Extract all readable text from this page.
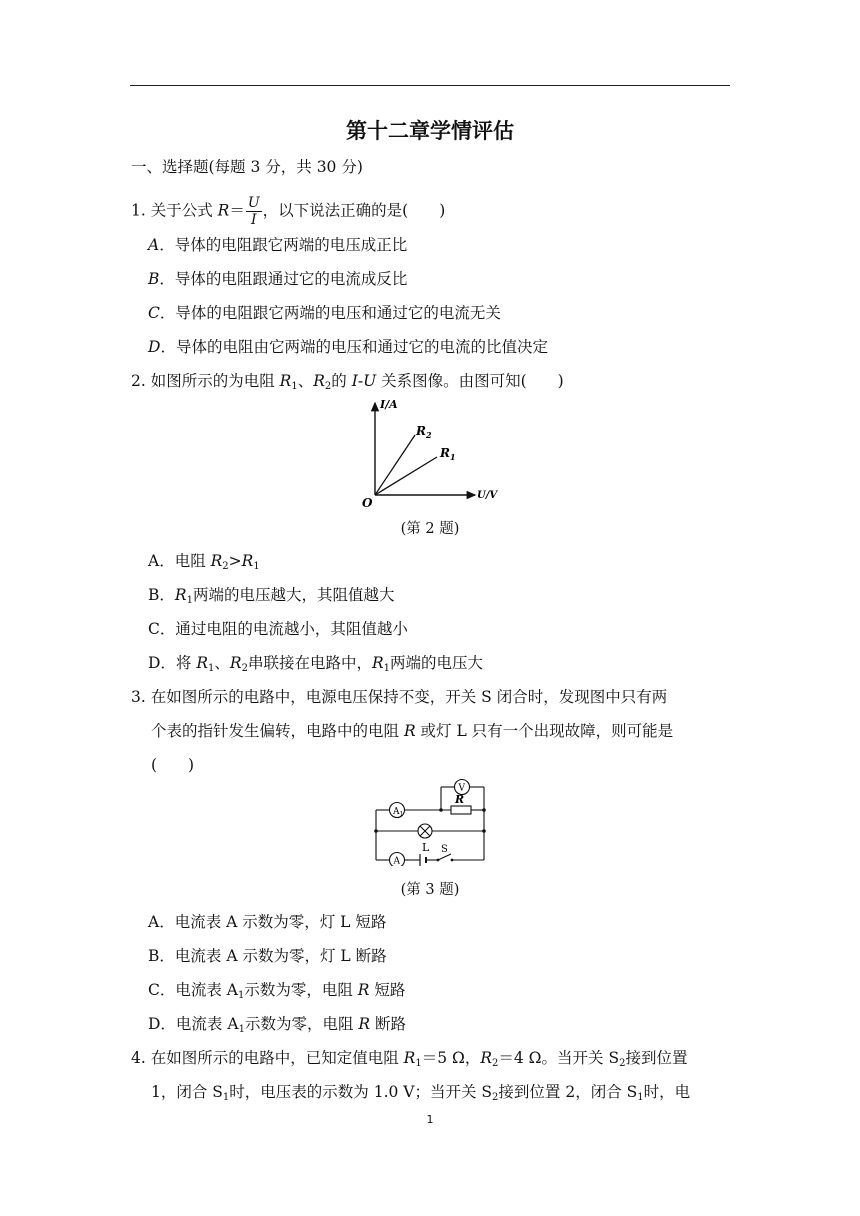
第十二章学情评估
一、选择题(每题 3 分，共 30 分)
1. 关于公式 $R= \frac{U}{I}$ ，以下说法正确的是(　　)
A．导体的电阻跟它两端的电压成正比
B．导体的电阻跟通过它的电流成反比
C．导体的电阻跟它两端的电压和通过它的电流无关
D．导体的电阻由它两端的电压和通过它的电流的比值决定
2. 如图所示的为电阻 $R_1$、$R_2$的 I-U 关系图像。由图可知(　　)
I/A
U/V
O
$R_2$
$R_1$
(第 2 题)
A．电阻 $R_2>R_1$
B．$R_1$两端的电压越大，其阻值越大
C．通过电阻的电流越小，其阻值越小
D．将 $R_1$、$R_2$串联接在电路中，$R_1$两端的电压大
3. 在如图所示的电路中，电源电压保持不变，开关 S 闭合时，发现图中只有两
个表的指针发生偏转，电路中的电阻 R 或灯 L 只有一个出现故障，则可能是
(　　)
$A_1$
V
A
R
L S
(第 3 题)
A．电流表 A 示数为零，灯 L 短路
B．电流表 A 示数为零，灯 L 断路
C．电流表 $A_1$示数为零，电阻 R 短路
D．电流表 $A_1$示数为零，电阻 R 断路
4. 在如图所示的电路中，已知定值电阻 $R_1=5$ Ω，$R_2=4$ Ω。当开关 $S_2$接到位置
1，闭合 $S_1$时，电压表的示数为 1.0 V；当开关 $S_2$接到位置 2，闭合 $S_1$时，电
1
